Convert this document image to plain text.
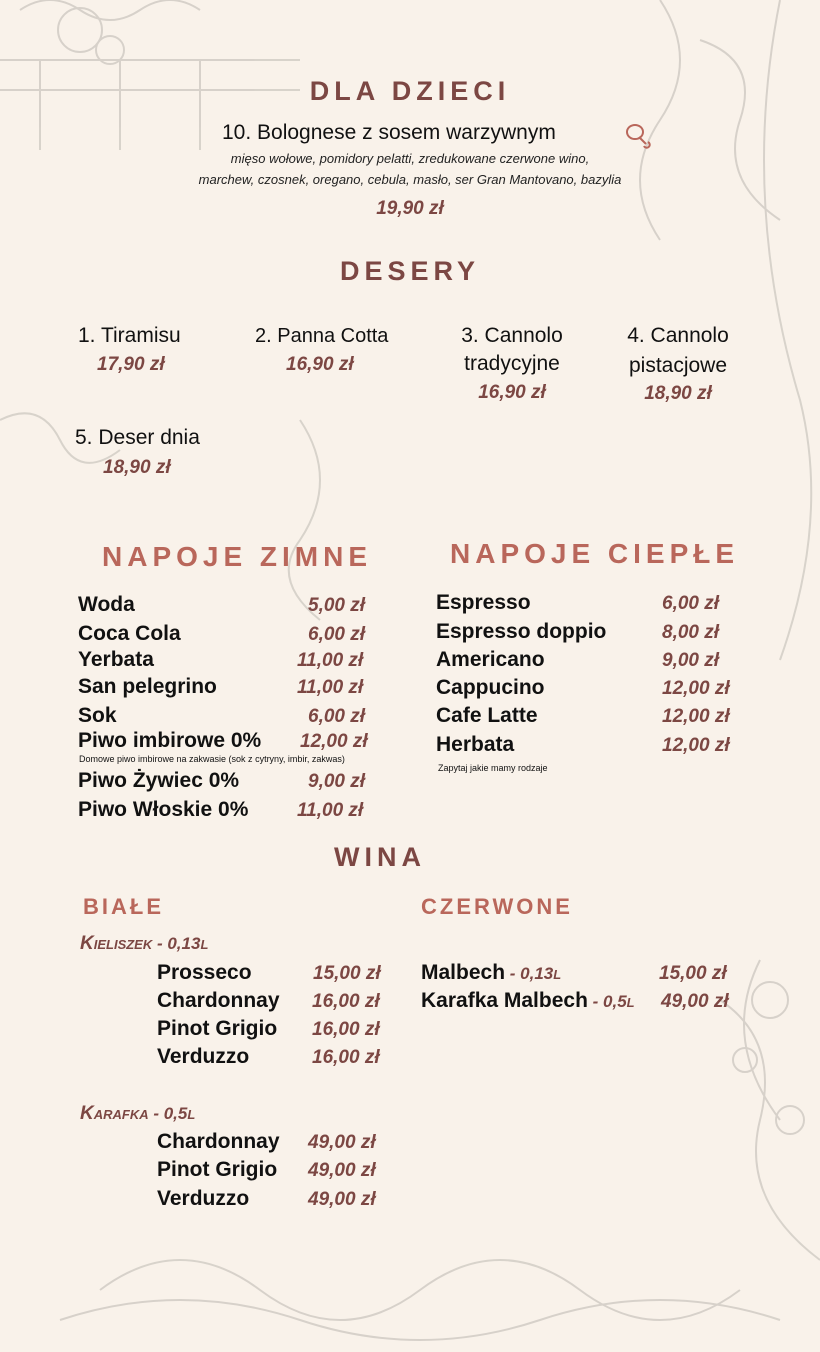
DLA DZIECI
10. Bolognese z sosem warzywnym
mięso wołowe, pomidory pelatti, zredukowane czerwone wino,
marchew, czosnek, oregano, cebula, masło, ser Gran Mantovano, bazylia
19,90 zł
DESERY
1. Tiramisu
17,90 zł
2. Panna Cotta
16,90 zł
3. Cannolo
tradycyjne
16,90 zł
4. Cannolo
pistacjowe
18,90 zł
5. Deser dnia
18,90 zł
NAPOJE ZIMNE
Woda	5,00 zł
Coca Cola	6,00 zł
Yerbata	11,00 zł
San pelegrino	11,00 zł
Sok	6,00 zł
Piwo imbirowe 0% 12,00 zł
Domowe piwo imbirowe na zakwasie (sok z cytryny, imbir, zakwas)
Piwo Żywiec 0%	9,00 zł
Piwo Włoskie 0%	11,00 zł
NAPOJE CIEPŁE
Espresso	6,00 zł
Espresso doppio	8,00 zł
Americano	9,00 zł
Cappucino	12,00 zł
Cafe Latte	12,00 zł
Herbata	12,00 zł
Zapytaj jakie mamy rodzaje
WINA
BIAŁE	CZERWONE
KIELISZEK - 0,13L
Prosseco	15,00 zł
Chardonnay 16,00 zł
Pinot Grigio 16,00 zł
Verduzzo	16,00 zł
KARAFKA - 0,5L
Chardonnay 49,00 zł
Pinot Grigio 49,00 zł
Verduzzo	49,00 zł
Malbech - 0,13L	15,00 zł
Karafka Malbech - 0,5L 49,00 zł
